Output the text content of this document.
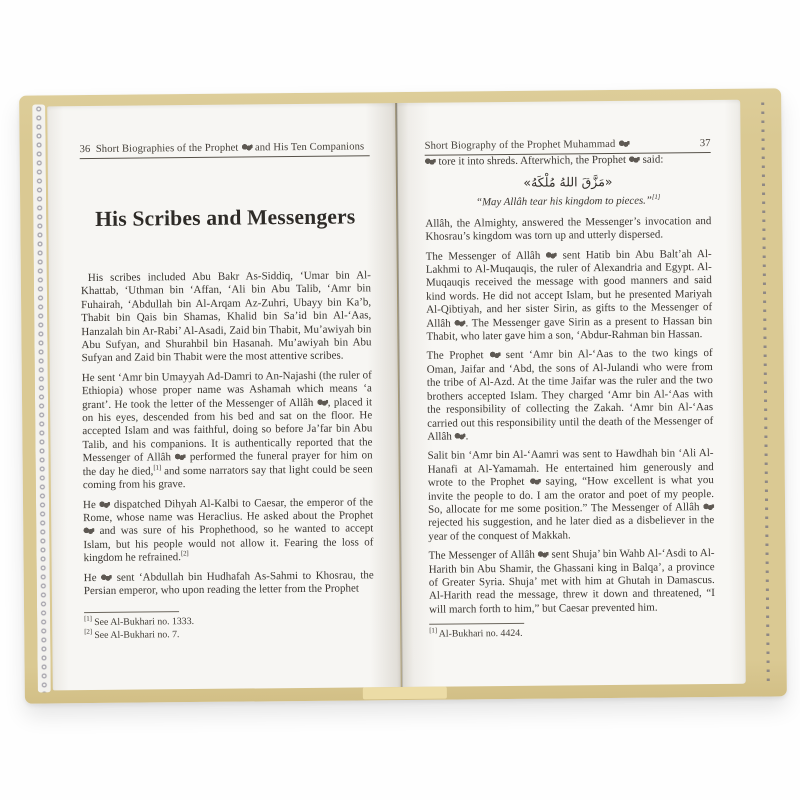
36 Short Biographies of the Prophet  and His Ten Companions
His Scribes and Messengers

His scribes included Abu Bakr As-Siddiq, ‘Umar bin Al-Khattab, ‘Uthman bin ‘Affan, ‘Ali bin Abu Talib, ‘Amr bin Fuhairah, ‘Abdullah bin Al-Arqam Az-Zuhri, Ubayy bin Ka’b, Thabit bin Qais bin Shamas, Khalid bin Sa’id bin Al-‘Aas, Hanzalah bin Ar-Rabi’ Al-Asadi, Zaid bin Thabit, Mu’awiyah bin Abu Sufyan, and Shurahbil bin Hasanah. Mu’awiyah bin Abu Sufyan and Zaid bin Thabit were the most attentive scribes.

He sent ‘Amr bin Umayyah Ad-Damri to An-Najashi (the ruler of Ethiopia) whose proper name was Ashamah which means ‘a grant’. He took the letter of the Messenger of Allâh , placed it on his eyes, descended from his bed and sat on the floor. He accepted Islam and was faithful, doing so before Ja’far bin Abu Talib, and his companions. It is authentically reported that the Messenger of Allâh  performed the funeral prayer for him on the day he died,[1] and some narrators say that light could be seen coming from his grave.

He  dispatched Dihyah Al-Kalbi to Caesar, the emperor of the Rome, whose name was Heraclius. He asked about the Prophet  and was sure of his Prophethood, so he wanted to accept Islam, but his people would not allow it. Fearing the loss of kingdom he refrained.[2]

He  sent ‘Abdullah bin Hudhafah As-Sahmi to Khosrau, the Persian emperor, who upon reading the letter from the Prophet

[1] See Al-Bukhari no. 1333.
[2] See Al-Bukhari no. 7.
Short Biography of the Prophet Muhammad	37

tore it into shreds. Afterwhich, the Prophet  said:

«مَزَّقَ اللهُ مُلْكَهُ»
“May Allâh tear his kingdom to pieces.”[1]

Allâh, the Almighty, answered the Messenger’s invocation and Khosrau’s kingdom was torn up and utterly dispersed.

The Messenger of Allâh  sent Hatib bin Abu Balt’ah Al-Lakhmi to Al-Muqauqis, the ruler of Alexandria and Egypt. Al-Muqauqis received the message with good manners and said kind words. He did not accept Islam, but he presented Mariyah Al-Qibtiyah, and her sister Sirin, as gifts to the Messenger of Allâh . The Messenger gave Sirin as a present to Hassan bin Thabit, who later gave him a son, ‘Abdur-Rahman bin Hassan.

The Prophet  sent ‘Amr bin Al-‘Aas to the two kings of Oman, Jaifar and ‘Abd, the sons of Al-Julandi who were from the tribe of Al-Azd. At the time Jaifar was the ruler and the two brothers accepted Islam. They charged ‘Amr bin Al-‘Aas with the responsibility of collecting the Zakah. ‘Amr bin Al-‘Aas carried out this responsibility until the death of the Messenger of Allâh .

Salit bin ‘Amr bin Al-‘Aamri was sent to Hawdhah bin ‘Ali Al-Hanafi at Al-Yamamah. He entertained him generously and wrote to the Prophet  saying, “How excellent is what you invite the people to do. I am the orator and poet of my people. So, allocate for me some position.” The Messenger of Allâh  rejected his suggestion, and he later died as a disbeliever in the year of the conquest of Makkah.

The Messenger of Allâh  sent Shuja’ bin Wahb Al-‘Asdi to Al-Harith bin Abu Shamir, the Ghassani king in Balqa’, a province of Greater Syria. Shuja’ met with him at Ghutah in Damascus. Al-Harith read the message, threw it down and threatened, “I will march forth to him,” but Caesar prevented him.

[1] Al-Bukhari no. 4424.
